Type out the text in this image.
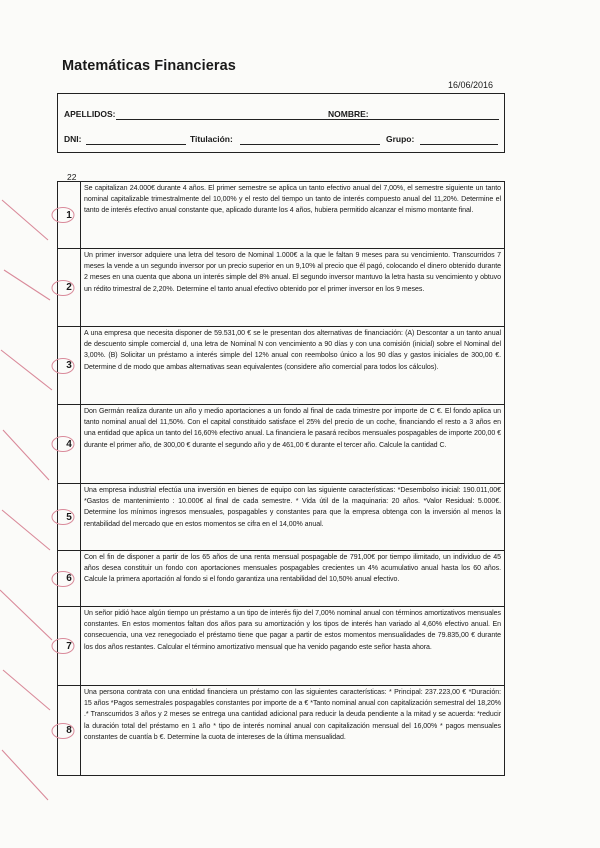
Matemáticas Financieras
16/06/2016
APELLIDOS:	NOMBRE:
DNI:	Titulación:	Grupo:
22
1
Se capitalizan 24.000€ durante 4 años. El primer semestre se aplica un tanto efectivo anual del 7,00%, el semestre siguiente un tanto nominal capitalizable trimestralmente del 10,00% y el resto del tiempo un tanto de interés compuesto anual del 11,20%. Determine el tanto de interés efectivo anual constante que, aplicado durante los 4 años, hubiera permitido alcanzar el mismo montante final.
2
Un primer inversor adquiere una letra del tesoro de Nominal 1.000€ a la que le faltan 9 meses para su vencimiento. Transcurridos 7 meses la vende a un segundo inversor por un precio superior en un 9,10% al precio que él pagó, colocando el dinero obtenido durante 2 meses en una cuenta que abona un interés simple del 8% anual. El segundo inversor mantuvo la letra hasta su vencimiento y obtuvo un rédito trimestral de 2,20%. Determine el tanto anual efectivo obtenido por el primer inversor en los 9 meses.
3
A una empresa que necesita disponer de 59.531,00 € se le presentan dos alternativas de financiación: (A) Descontar a un tanto anual de descuento simple comercial d, una letra de Nominal N con vencimiento a 90 días y con una comisión (inicial) sobre el Nominal del 3,00%. (B) Solicitar un préstamo a interés simple del 12% anual con reembolso único a los 90 días y gastos iniciales de 300,00 €. Determine d de modo que ambas alternativas sean equivalentes (considere año comercial para todos los cálculos).
4
Don Germán realiza durante un año y medio aportaciones a un fondo al final de cada trimestre por importe de C €. El fondo aplica un tanto nominal anual del 11,50%. Con el capital constituido satisface el 25% del precio de un coche, financiando el resto a 3 años en una entidad que aplica un tanto del 16,60% efectivo anual. La financiera le pasará recibos mensuales pospagables de importe 200,00 € durante el primer año, de 300,00 € durante el segundo año y de 461,00 € durante el tercer año. Calcule la cantidad C.
5
Una empresa industrial efectúa una inversión en bienes de equipo con las siguiente características: *Desembolso inicial: 190.011,00€ *Gastos de mantenimiento : 10.000€ al final de cada semestre. * Vida útil de la maquinaria: 20 años. *Valor Residual: 5.000€. Determine los mínimos ingresos mensuales, pospagables y constantes para que la empresa obtenga con la inversión al menos la rentabilidad del mercado que en estos momentos se cifra en el 14,00% anual.
6
Con el fin de disponer a partir de los 65 años de una renta mensual pospagable de 791,00€ por tiempo ilimitado, un individuo de 45 años desea constituir un fondo con aportaciones mensuales pospagables crecientes un 4% acumulativo anual hasta los 60 años. Calcule la primera aportación al fondo si el fondo garantiza una rentabilidad del 10,50% anual efectivo.
7
Un señor pidió hace algún tiempo un préstamo a un tipo de interés fijo del 7,00% nominal anual con términos amortizativos mensuales constantes. En estos momentos faltan dos años para su amortización y los tipos de interés han variado al 4,60% efectivo anual. En consecuencia, una vez renegociado el préstamo tiene que pagar a partir de estos momentos mensualidades de 79.835,00 € durante los dos años restantes. Calcular el término amortizativo mensual que ha venido pagando este señor hasta ahora.
8
Una persona contrata con una entidad financiera un préstamo con las siguientes características: * Principal: 237.223,00 € *Duración: 15 años *Pagos semestrales pospagables constantes por importe de a € *Tanto nominal anual con capitalización semestral del 18,20% .* Transcurridos 3 años y 2 meses se entrega una cantidad adicional para reducir la deuda pendiente a la mitad y se acuerda: *reducir la duración total del préstamo en 1 año * tipo de interés nominal anual con capitalización mensual del 16,00% * pagos mensuales constantes de cuantía b €. Determine la cuota de intereses de la última mensualidad.
